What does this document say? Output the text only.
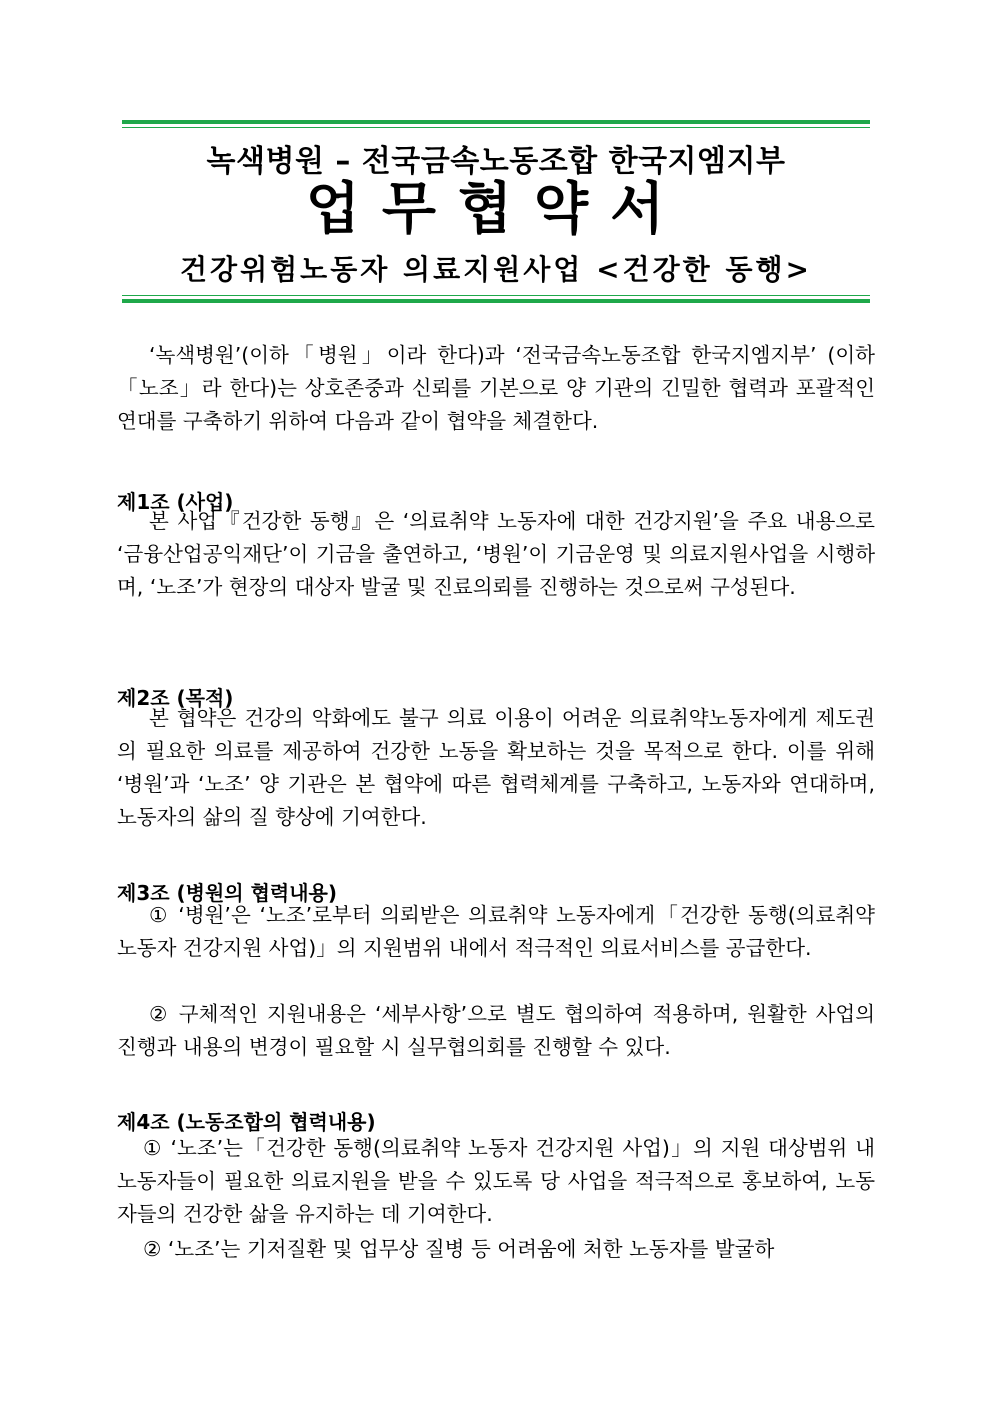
녹색병원 – 전국금속노동조합 한국지엠지부
업무협약서
건강위험노동자 의료지원사업 <건강한 동행>
‘녹색병원’(이하「병원」이라 한다)과 ‘전국금속노동조합 한국지엠지부’ (이하「노조」라 한다)는 상호존중과 신뢰를 기본으로 양 기관의 긴밀한 협력과 포괄적인 연대를 구축하기 위하여 다음과 같이 협약을 체결한다.
제1조 (사업)
본 사업『건강한 동행』은 ‘의료취약 노동자에 대한 건강지원’을 주요 내용으로 ‘금융산업공익재단’이 기금을 출연하고, ‘병원’이 기금운영 및 의료지원사업을 시행하며, ‘노조’가 현장의 대상자 발굴 및 진료의뢰를 진행하는 것으로써 구성된다.
제2조 (목적)
본 협약은 건강의 악화에도 불구 의료 이용이 어려운 의료취약노동자에게 제도권의 필요한 의료를 제공하여 건강한 노동을 확보하는 것을 목적으로 한다. 이를 위해 ‘병원’과 ‘노조’ 양 기관은 본 협약에 따른 협력체계를 구축하고, 노동자와 연대하며, 노동자의 삶의 질 향상에 기여한다.
제3조 (병원의 협력내용)
① ‘병원’은 ‘노조’로부터 의뢰받은 의료취약 노동자에게「건강한 동행(의료취약 노동자 건강지원 사업)」의 지원범위 내에서 적극적인 의료서비스를 공급한다.
② 구체적인 지원내용은 ‘세부사항’으로 별도 협의하여 적용하며, 원활한 사업의 진행과 내용의 변경이 필요할 시 실무협의회를 진행할 수 있다.
제4조 (노동조합의 협력내용)
① ‘노조’는「건강한 동행(의료취약 노동자 건강지원 사업)」의 지원 대상범위 내 노동자들이 필요한 의료지원을 받을 수 있도록 당 사업을 적극적으로 홍보하여, 노동자들의 건강한 삶을 유지하는 데 기여한다.
② ‘노조’는 기저질환 및 업무상 질병 등 어려움에 처한 노동자를 발굴하
